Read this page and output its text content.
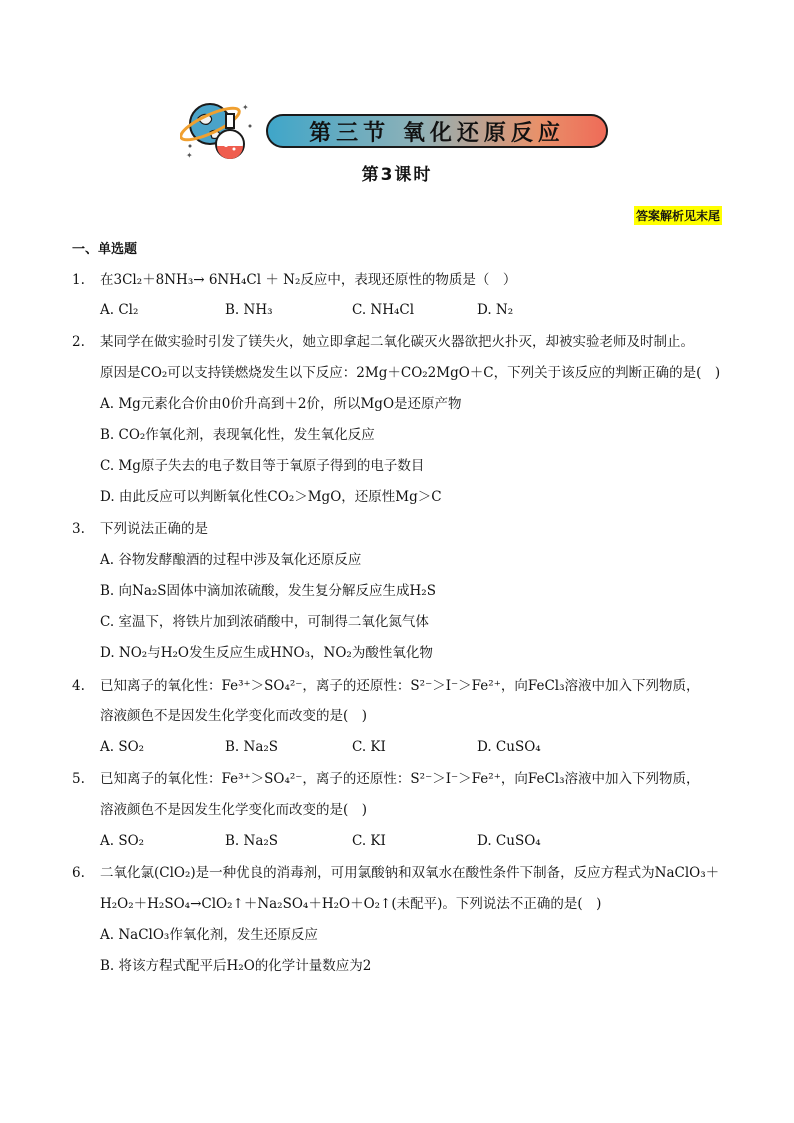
✦
✦
第三节 氧化还原反应
第3课时
答案解析见末尾
一、单选题
1. 在3Cl₂＋8NH₃→ 6NH₄Cl ＋ N₂反应中，表现还原性的物质是（　）
A. Cl₂	B. NH₃	C. NH₄Cl	D. N₂
2. 某同学在做实验时引发了镁失火，她立即拿起二氧化碳灭火器欲把火扑灭，却被实验老师及时制止。
原因是CO₂可以支持镁燃烧发生以下反应：2Mg＋CO₂2MgO＋C，下列关于该反应的判断正确的是(　)
A. Mg元素化合价由0价升高到＋2价，所以MgO是还原产物
B. CO₂作氧化剂，表现氧化性，发生氧化反应
C. Mg原子失去的电子数目等于氧原子得到的电子数目
D. 由此反应可以判断氧化性CO₂＞MgO，还原性Mg＞C
3. 下列说法正确的是
A. 谷物发酵酿酒的过程中涉及氧化还原反应
B. 向Na₂S固体中滴加浓硫酸，发生复分解反应生成H₂S
C. 室温下，将铁片加到浓硝酸中，可制得二氧化氮气体
D. NO₂与H₂O发生反应生成HNO₃，NO₂为酸性氧化物
4. 已知离子的氧化性：Fe³⁺＞SO₄²⁻，离子的还原性：S²⁻＞I⁻＞Fe²⁺，向FeCl₃溶液中加入下列物质，
溶液颜色不是因发生化学变化而改变的是(　)
A. SO₂	B. Na₂S	C. KI	D. CuSO₄
5. 已知离子的氧化性：Fe³⁺＞SO₄²⁻，离子的还原性：S²⁻＞I⁻＞Fe²⁺，向FeCl₃溶液中加入下列物质，
溶液颜色不是因发生化学变化而改变的是(　)
A. SO₂	B. Na₂S	C. KI	D. CuSO₄
6. 二氧化氯(ClO₂)是一种优良的消毒剂，可用氯酸钠和双氧水在酸性条件下制备，反应方程式为NaClO₃＋
H₂O₂＋H₂SO₄→ClO₂↑＋Na₂SO₄＋H₂O＋O₂↑(未配平)。下列说法不正确的是(　)
A. NaClO₃作氧化剂，发生还原反应
B. 将该方程式配平后H₂O的化学计量数应为2
